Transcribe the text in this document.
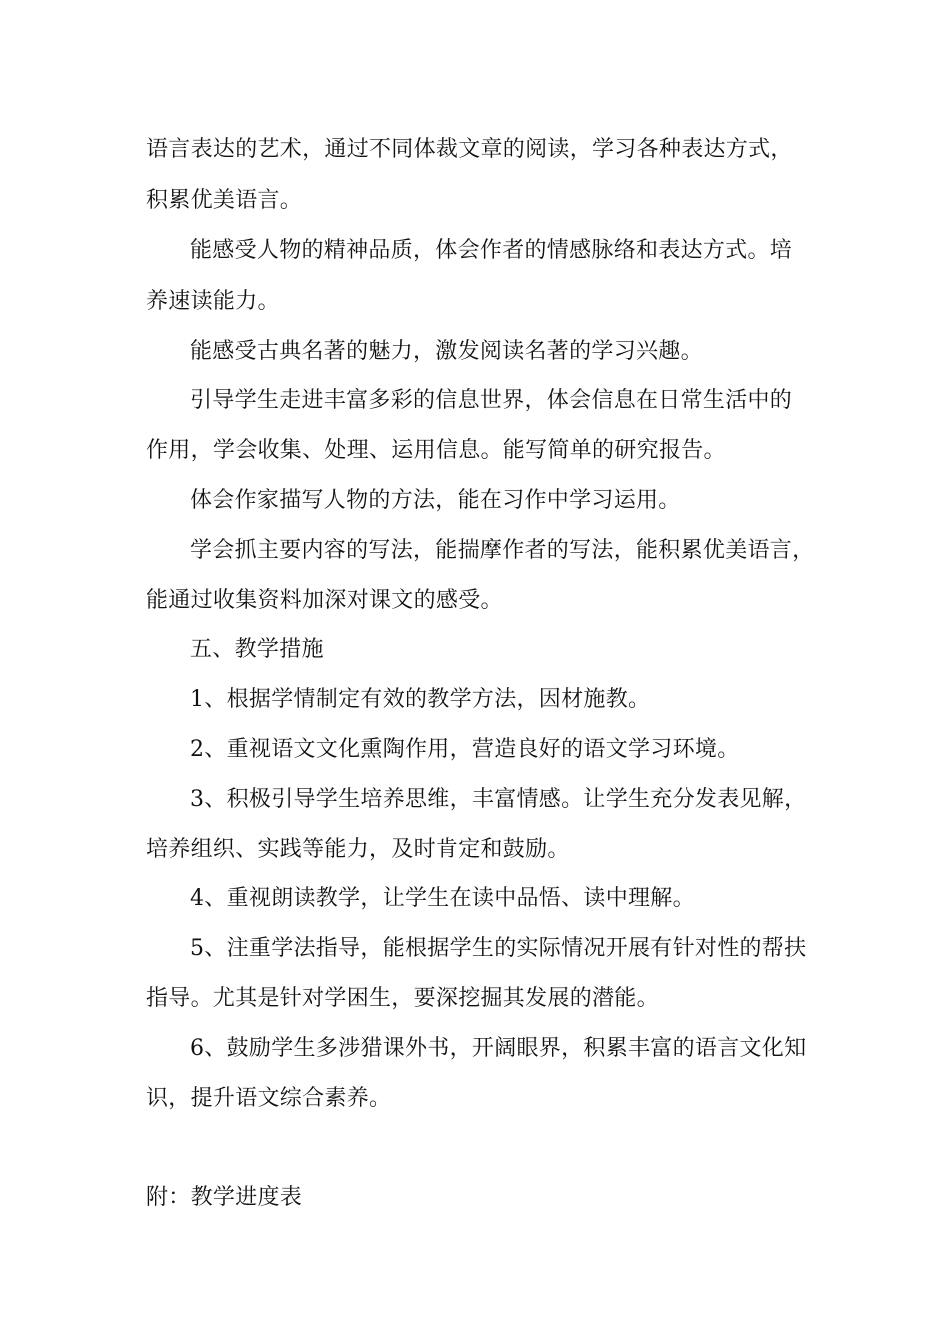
语言表达的艺术，通过不同体裁文章的阅读，学习各种表达方式，
积累优美语言。
能感受人物的精神品质，体会作者的情感脉络和表达方式。培
养速读能力。
能感受古典名著的魅力，激发阅读名著的学习兴趣。
引导学生走进丰富多彩的信息世界，体会信息在日常生活中的
作用，学会收集、处理、运用信息。能写简单的研究报告。
体会作家描写人物的方法，能在习作中学习运用。
学会抓主要内容的写法，能揣摩作者的写法，能积累优美语言，
能通过收集资料加深对课文的感受。
五、教学措施
1、根据学情制定有效的教学方法，因材施教。
2、重视语文文化熏陶作用，营造良好的语文学习环境。
3、积极引导学生培养思维，丰富情感。让学生充分发表见解，
培养组织、实践等能力，及时肯定和鼓励。
4、重视朗读教学，让学生在读中品悟、读中理解。
5、注重学法指导，能根据学生的实际情况开展有针对性的帮扶
指导。尤其是针对学困生，要深挖掘其发展的潜能。
6、鼓励学生多涉猎课外书，开阔眼界，积累丰富的语言文化知
识，提升语文综合素养。
附：教学进度表
